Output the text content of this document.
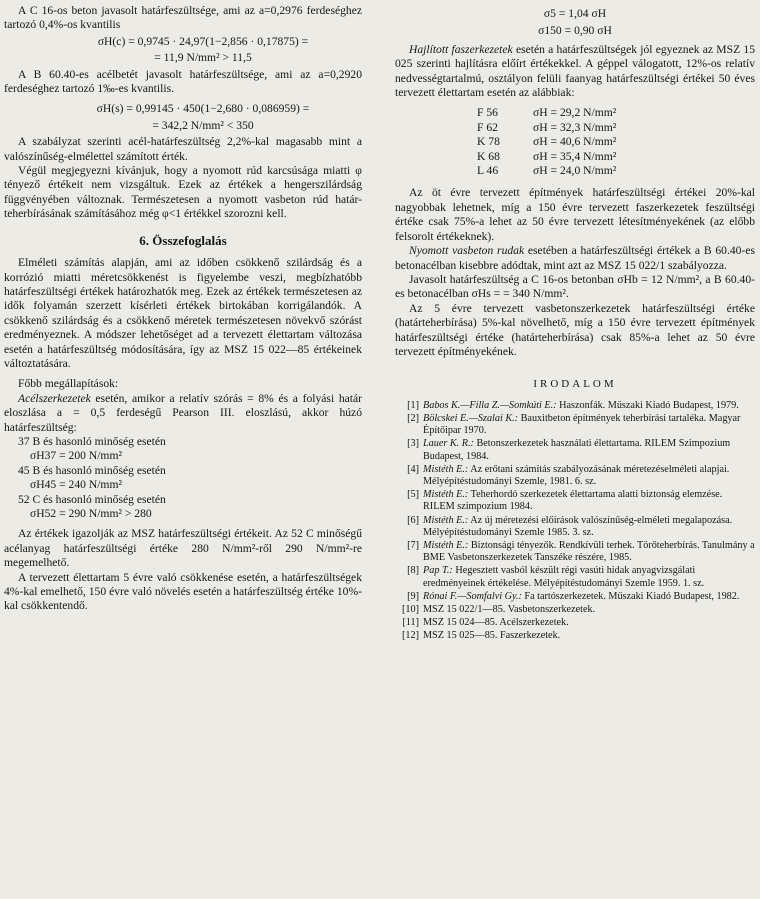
A C 16-os beton javasolt határfeszültsége, ami az a=0,2976 ferdeséghez tartozó 0,4%-os kvantilis

σH(c) = 0,9745 · 24,97(1−2,856 · 0,17875) =
= 11,9 N/mm² > 11,5

A B 60.40-es acélbetét javasolt határfeszültsége, ami az a=0,2920 ferdeséghez tartozó 1‰-es kvantilis.

σH(s) = 0,99145 · 450(1−2,680 · 0,086959) =
= 342,2 N/mm² < 350

A szabályzat szerinti acél-határfeszültség 2,2%-kal magasabb mint a valószínűség-elmélettel számított érték.

Végül megjegyezni kívánjuk, hogy a nyomott rúd karcsúsága miatti φ tényező értékeit nem vizsgáltuk. Ezek az értékek a hengerszilárdság függvényében változnak. Természetesen a nyomott vasbeton rúd határ-teherbírásának számításához még φ<1 értékkel szorozni kell.

6. Összefoglalás

Elméleti számítás alapján, ami az időben csökkenő szilárdság és a korrózió miatti méretcsökkenést is figyelembe veszi, megbízhatóbb határfeszültségi értékek határozhatók meg. Ezek az értékek természetesen az idők folyamán szerzett kísérleti értékek birtokában korrigálandók. A csökkenő szilárdság és a csökkenő méretek természetesen növekvő szórást eredményeznek. A módszer lehetőséget ad a tervezett élettartam változása esetén a határfeszültség módosítására, így az MSZ 15 022—85 értékeinek változtatására.

Főbb megállapítások:

Acélszerkezetek esetén, amikor a relatív szórás = 8% és a folyási határ eloszlása a = 0,5 ferdeségű Pearson III. eloszlású, akkor húzó határfeszültség:

37 B és hasonló minőség esetén
σH37 = 200 N/mm²
45 B és hasonló minőség esetén
σH45 = 240 N/mm²
52 C és hasonló minőség esetén
σH52 = 290 N/mm² > 280

Az értékek igazolják az MSZ határfeszültségi értékeit. Az 52 C minőségű acélanyag határfeszültségi értéke 280 N/mm²-ről 290 N/mm²-re megemelhető.

A tervezett élettartam 5 évre való csökkenése esetén, a határfeszültségek 4%-kal emelhető, 150 évre való növelés esetén a határfeszültség értéke 10%-kal csökkentendő.

σ5 = 1,04 σH
σ150 = 0,90 σH

Hajlított faszerkezetek esetén a határfeszültségek jól egyeznek az MSZ 15 025 szerinti hajlításra előírt értékekkel. A géppel válogatott, 12%-os relatív nedvességtartalmú, osztályon felüli faanyag határfeszültségi értékei 50 éves tervezett élettartam esetén az alábbiak:

F 56	σH = 29,2 N/mm²
F 62	σH = 32,3 N/mm²
K 78	σH = 40,6 N/mm²
K 68	σH = 35,4 N/mm²
L 46	σH = 24,0 N/mm²

Az öt évre tervezett építmények határfeszültségi értékei 20%-kal nagyobbak lehetnek, míg a 150 évre tervezett faszerkezetek feszültségi értéke csak 75%-a lehet az 50 évre tervezett létesítményekének (az előbb felsorolt értékeknek).

Nyomott vasbeton rudak esetében a határfeszültségi értékek a B 60.40-es betonacélban kisebbre adódtak, mint azt az MSZ 15 022/1 szabályozza.

Javasolt határfeszültség a C 16-os betonban σHb = 12 N/mm², a B 60.40-es betonacélban σHs = = 340 N/mm².

Az 5 évre tervezett vasbetonszerkezetek határfeszültségi értéke (határteherbírása) 5%-kal növelhető, míg a 150 évre tervezett építmények határfeszültségi értéke (határteherbírása) csak 85%-a lehet az 50 évre tervezett építményekének.

IRODALOM
[1] Babos K.—Filla Z.—Somkúti E.: Haszonfák. Műszaki Kiadó Budapest, 1979.
[2] Bölcskei E.—Szalai K.: Bauxitbeton építmények teherbírási tartaléka. Magyar Építőipar 1970.
[3] Lauer K. R.: Betonszerkezetek használati élettartama. RILEM Szimpozium Budapest, 1984.
[4] Mistéth E.: Az erőtani számítás szabályozásának méretezéselméleti alapjai. Mélyépítéstudományi Szemle, 1981. 6. sz.
[5] Mistéth E.: Teherhordó szerkezetek élettartama alatti biztonság elemzése. RILEM szimpozium 1984.
[6] Mistéth E.: Az új méretezési előírások valószínűség-elméleti megalapozása. Mélyépítéstudományi Szemle 1985. 3. sz.
[7] Mistéth E.: Biztonsági tényezők. Rendkívüli terhek. Törőteherbírás. Tanulmány a BME Vasbetonszerkezetek Tanszéke részére, 1985.
[8] Pap T.: Hegesztett vasból készült régi vasúti hidak anyagvizsgálati eredményeinek értékelése. Mélyépítéstudományi Szemle 1959. 1. sz.
[9] Rónai F.—Somfalvi Gy.: Fa tartószerkezetek. Műszaki Kiadó Budapest, 1982.
[10] MSZ 15 022/1—85. Vasbetonszerkezetek.
[11] MSZ 15 024—85. Acélszerkezetek.
[12] MSZ 15 025—85. Faszerkezetek.
